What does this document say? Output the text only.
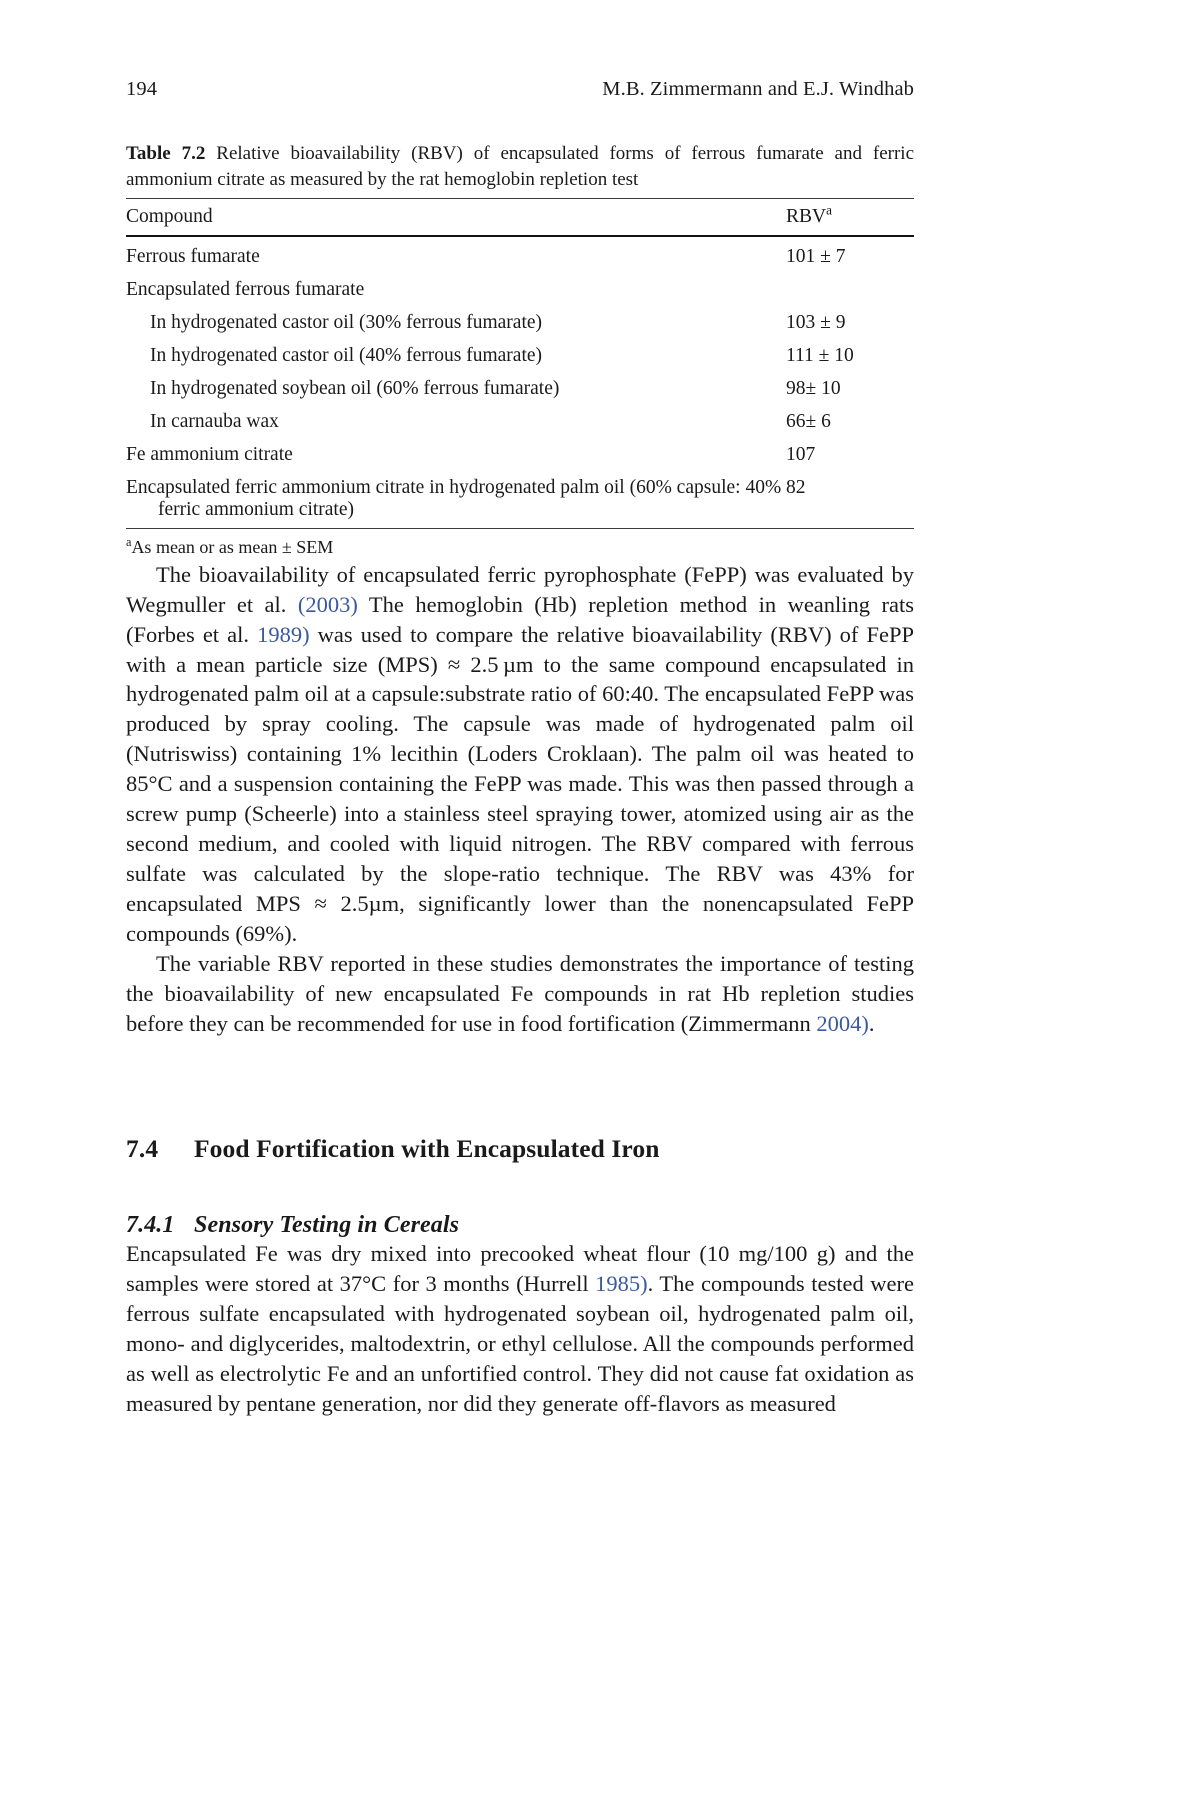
194	M.B. Zimmermann and E.J. Windhab
Table 7.2 Relative bioavailability (RBV) of encapsulated forms of ferrous fumarate and ferric ammonium citrate as measured by the rat hemoglobin repletion test
Compound	RBV$^a$
Ferrous fumarate	101 ± 7
Encapsulated ferrous fumarate	
In hydrogenated castor oil (30% ferrous fumarate)	103 ± 9
In hydrogenated castor oil (40% ferrous fumarate)	111 ± 10
In hydrogenated soybean oil (60% ferrous fumarate)	98± 10
In carnauba wax	66± 6
Fe ammonium citrate	107
Encapsulated ferric ammonium citrate in hydrogenated palm oil (60% capsule: 40%
ferric ammonium citrate)	82
$^a$As mean or as mean ± SEM

The bioavailability of encapsulated ferric pyrophosphate (FePP) was evaluated by Wegmuller et al. (2003) The hemoglobin (Hb) repletion method in weanling rats (Forbes et al. 1989) was used to compare the relative bioavailability (RBV) of FePP with a mean particle size (MPS) ≈ 2.5 µm to the same compound encapsulated in hydrogenated palm oil at a capsule:substrate ratio of 60:40. The encapsulated FePP was produced by spray cooling. The capsule was made of hydrogenated palm oil (Nutriswiss) containing 1% lecithin (Loders Croklaan). The palm oil was heated to 85°C and a suspension containing the FePP was made. This was then passed through a screw pump (Scheerle) into a stainless steel spraying tower, atomized using air as the second medium, and cooled with liquid nitrogen. The RBV compared with ferrous sulfate was calculated by the slope-ratio technique. The RBV was 43% for encapsulated MPS ≈ 2.5µm, significantly lower than the nonencapsulated FePP compounds (69%).

The variable RBV reported in these studies demonstrates the importance of testing the bioavailability of new encapsulated Fe compounds in rat Hb repletion studies before they can be recommended for use in food fortification (Zimmermann 2004).

7.4	Food Fortification with Encapsulated Iron
7.4.1 Sensory Testing in Cereals

Encapsulated Fe was dry mixed into precooked wheat flour (10 mg/100 g) and the samples were stored at 37°C for 3 months (Hurrell 1985). The compounds tested were ferrous sulfate encapsulated with hydrogenated soybean oil, hydrogenated palm oil, mono- and diglycerides, maltodextrin, or ethyl cellulose. All the compounds performed as well as electrolytic Fe and an unfortified control. They did not cause fat oxidation as measured by pentane generation, nor did they generate off-flavors as measured
